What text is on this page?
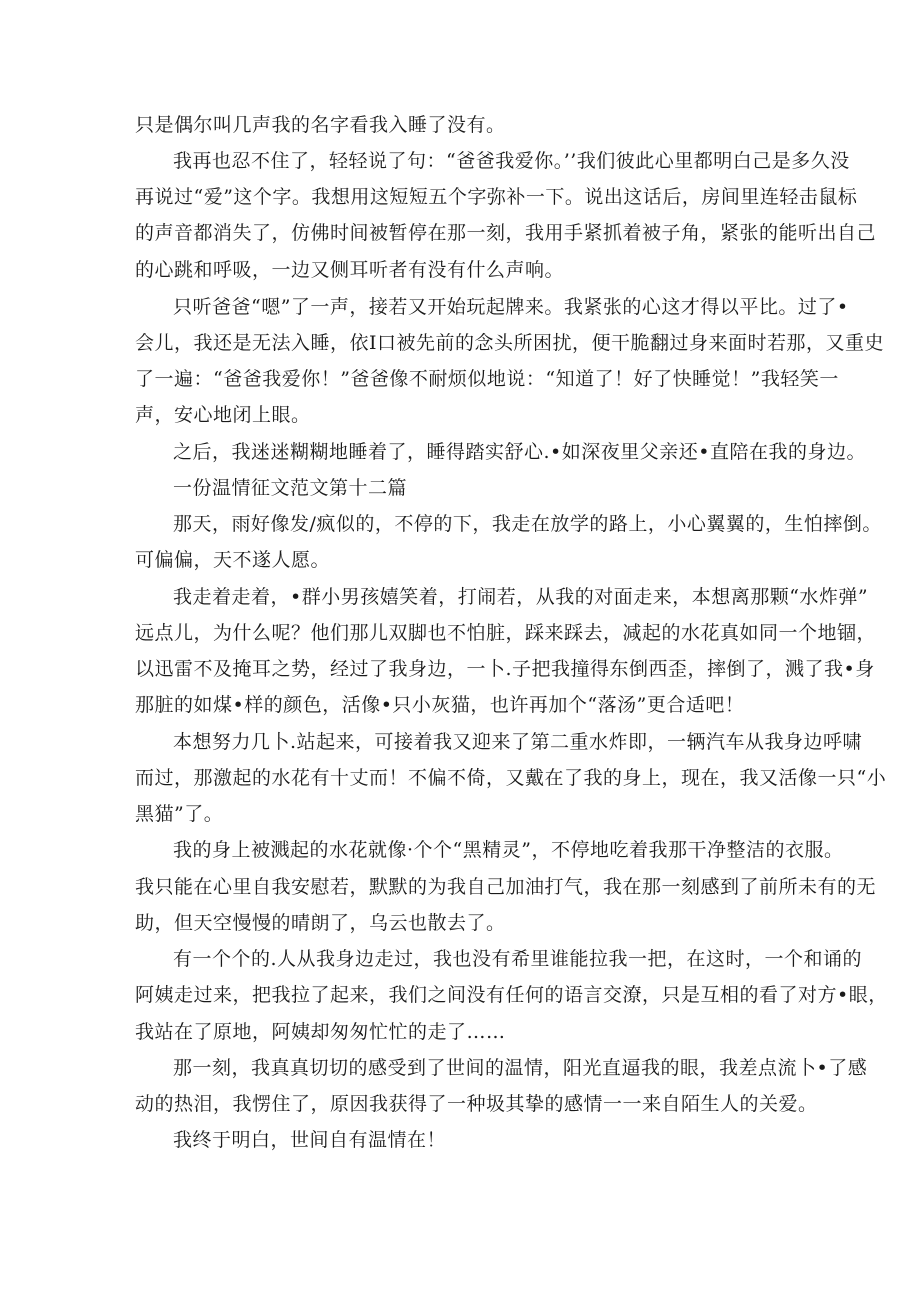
只是偶尔叫几声我的名字看我入睡了没有。

我再也忍不住了，轻轻说了句：“爸爸我爱你。’’我们彼此心里都明白己是多久没

再说过“爱”这个字。我想用这短短五个字弥补一下。说出这话后，房间里连轻击鼠标

的声音都消失了，仿佛时间被暂停在那一刻，我用手紧抓着被子角，紧张的能听出自己

的心跳和呼吸，一边又侧耳听者有没有什么声响。

只听爸爸“嗯”了一声，接若又开始玩起牌来。我紧张的心这才得以平比。过了•

会儿，我还是无法入睡，依I口被先前的念头所困扰，便干脆翻过身来面时若那，又重史

了一遍：“爸爸我爱你！”爸爸像不耐烦似地说：“知道了！好了快睡觉！”我轻笑一

声，安心地闭上眼。

之后，我迷迷糊糊地睡着了，睡得踏实舒心.•如深夜里父亲还•直陪在我的身边。

一份温情征文范文第十二篇

那天，雨好像发/疯似的，不停的下，我走在放学的路上，小心翼翼的，生怕摔倒。

可偏偏，天不遂人愿。

我走着走着，•群小男孩嬉笑着，打闹若，从我的对面走来，本想离那颗“水炸弹”

远点儿，为什么呢？他们那儿双脚也不怕脏，踩来踩去，减起的水花真如同一个地锢，

以迅雷不及掩耳之势，经过了我身边，一卜.子把我撞得东倒西歪，摔倒了，溅了我•身

那脏的如煤•样的颜色，活像•只小灰猫，也许再加个“落汤”更合适吧！

本想努力几卜.站起来，可接着我又迎来了第二重水炸即，一辆汽车从我身边呼啸

而过，那激起的水花有十丈而！不偏不倚，又戴在了我的身上，现在，我又活像一只“小

黑猫”了。

我的身上被溅起的水花就像·个个“黑精灵”，不停地吃着我那干净整洁的衣服。

我只能在心里自我安慰若，默默的为我自己加油打气，我在那一刻感到了前所未有的无

助，但天空慢慢的晴朗了，乌云也散去了。

有一个个的.人从我身边走过，我也没有希里谁能拉我一把，在这时，一个和诵的

阿姨走过来，把我拉了起来，我们之间没有任何的语言交潦，只是互相的看了对方•眼，

我站在了原地，阿姨却匆匆忙忙的走了……

那一刻，我真真切切的感受到了世间的温情，阳光直逼我的眼，我差点流卜•了感

动的热泪，我愣住了，原因我获得了一种圾其挚的感情一一来自陌生人的关爱。

我终于明白，世间自有温情在！
